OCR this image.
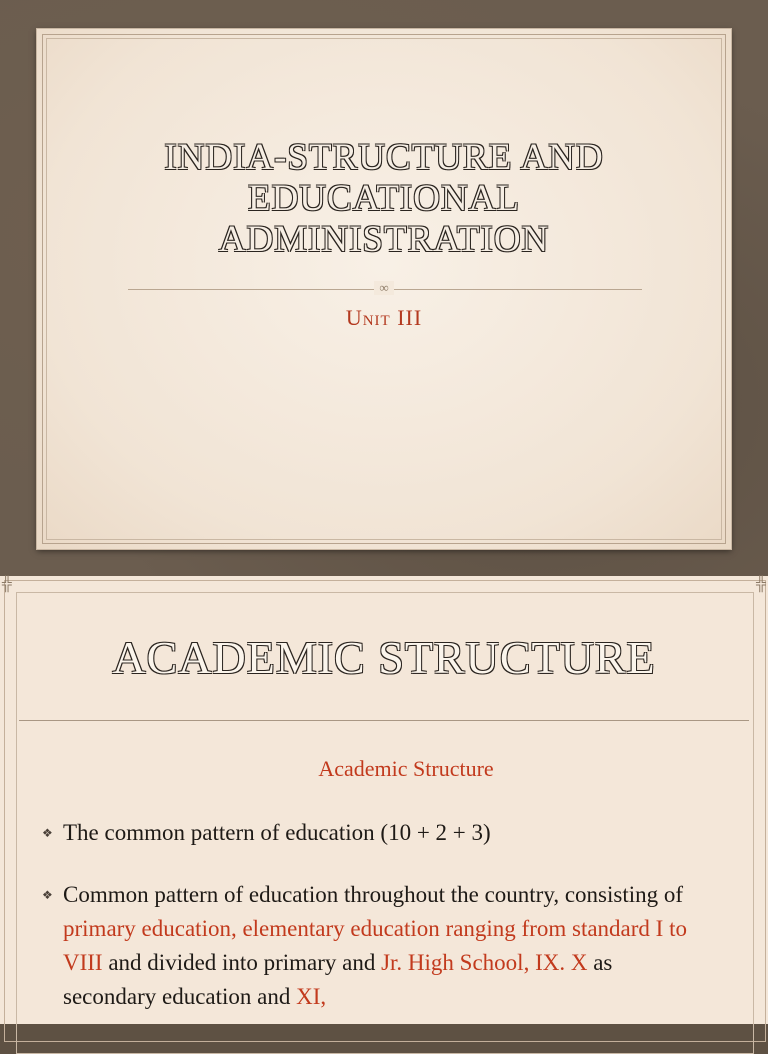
INDIA-STRUCTURE AND
EDUCATIONAL
ADMINISTRATION
∞
Unit III
╬	╬
ACADEMIC STRUCTURE
Academic Structure
❖ The common pattern of education (10 + 2 + 3)
❖ Common pattern of education throughout the country, consisting of primary education, elementary education ranging from standard I to VIII and divided into primary and Jr. High School, IX. X as secondary education and XI,
